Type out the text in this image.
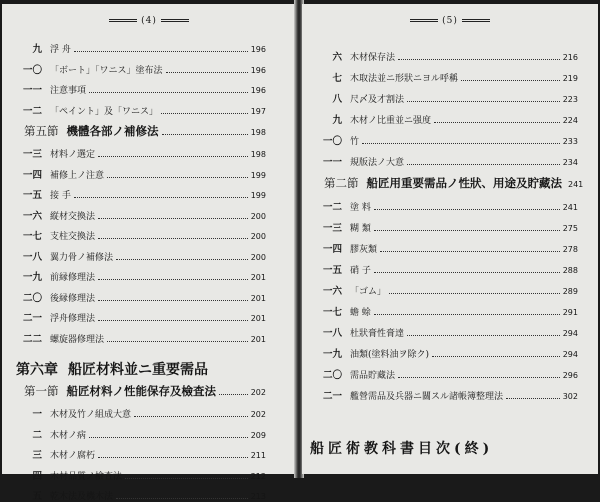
(4)
九 浮 舟	196
一〇 「ボート」「ワニス」塗布法	196
一一 注意事項	196
一二 「ペイント」及「ワニス」	197
第五節 機體各部ノ補修法	198
一三 材料ノ選定	198
一四 補修上ノ注意	199
一五 接 手	199
一六 縦材交換法	200
一七 支柱交換法	200
一八 翼力骨ノ補修法	200
一九 前縁修理法	201
二〇 後縁修理法	201
二一 浮舟修理法	201
二二 螺旋器修理法	201
第六章 船匠材料並ニ重要需品
第一節 船匠材料ノ性能保存及檢査法	202
一 木材及竹ノ組成大意	202
二 木材ノ病	209
三 木材ノ腐朽	211
四 木材品質ノ檢査法	212
五 乾木法及機木法	213
(5)
六 木材保存法	216
七 木取法並ニ形狀ニヨル呼稱	219
八 尺〆及才割法	223
九 木材ノ比重並ニ强度	224
一〇 竹	233
一一 規版法ノ大意	234
第二節 船匠用重要需品ノ性狀、用途及貯藏法 241
一二 塗 料	241
一三 糊 類	275
一四 膠灰類	278
一五 硝 子	288
一六 「ゴム」	289
一七 蟾 蜍	291
一八 杜狀膏性膏達	294
一九 油類(塗料油ヲ除ク)	294
二〇 需品貯藏法	296
二一 艦營需品及兵器ニ關スル諸帳簿整理法	302
船匠術教科書目次(終)
